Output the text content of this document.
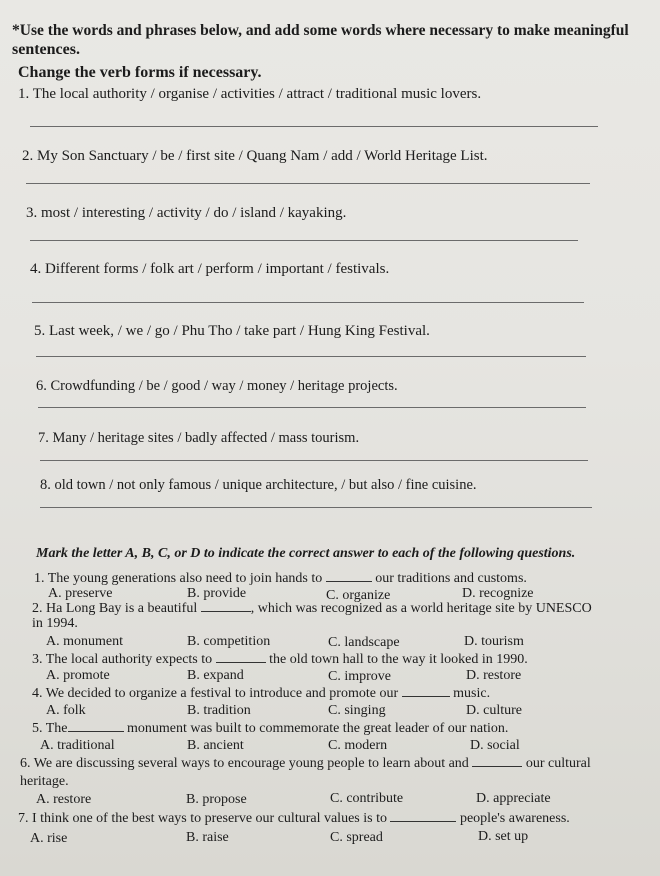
*Use the words and phrases below, and add some words where necessary to make meaningful
sentences.
Change the verb forms if necessary.
1. The local authority / organise / activities / attract / traditional music lovers.
2. My Son Sanctuary / be / first site / Quang Nam / add / World Heritage List.
3. most / interesting / activity / do / island / kayaking.
4. Different forms / folk art / perform / important / festivals.
5. Last week, / we / go / Phu Tho / take part / Hung King Festival.
6. Crowdfunding / be / good / way / money / heritage projects.
7. Many / heritage sites / badly affected / mass tourism.
8. old town / not only famous / unique architecture, / but also / fine cuisine.
Mark the letter A, B, C, or D to indicate the correct answer to each of the following questions.
1. The young generations also need to join hands to	our traditions and customs.
A. preserve	B. provide	C. organize	D. recognize
2. Ha Long Bay is a beautiful	, which was recognized as a world heritage site by UNESCO
in 1994.
A. monument	B. competition	C. landscape	D. tourism
3. The local authority expects to	the old town hall to the way it looked in 1990.
A. promote	B. expand	C. improve	D. restore
4. We decided to organize a festival to introduce and promote our	music.
A. folk	B. tradition	C. singing	D. culture
5. The	monument was built to commemorate the great leader of our nation.
A. traditional	B. ancient	C. modern	D. social
6. We are discussing several ways to encourage young people to learn about and	our cultural
heritage.
A. restore	B. propose	C. contribute	D. appreciate
7. I think one of the best ways to preserve our cultural values is to	people's awareness.
A. rise	B. raise	C. spread	D. set up
